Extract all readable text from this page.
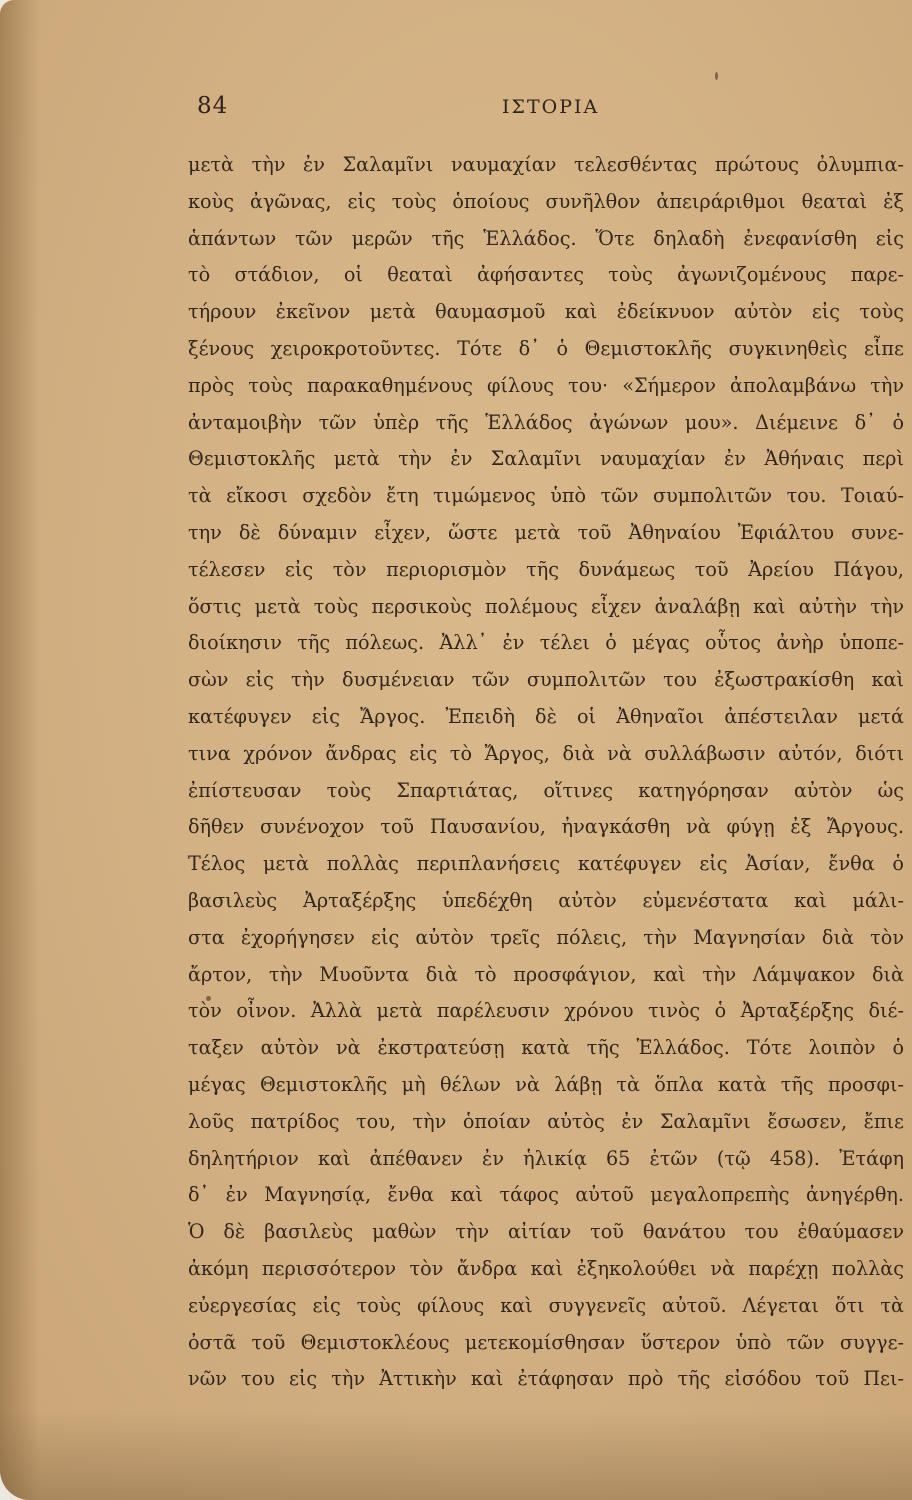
84	ΙΣΤΟΡΙΑ
μετὰ τὴν ἐν Σαλαμῖνι ναυμαχίαν τελεσθέντας πρώτους ὀλυμπια-
κοὺς ἀγῶνας, εἰς τοὺς ὁποίους συνῆλθον ἀπειράριθμοι θεαταὶ ἐξ
ἁπάντων τῶν μερῶν τῆς Ἑλλάδος. Ὅτε δηλαδὴ ἐνεφανίσθη εἰς
τὸ στάδιον, οἱ θεαταὶ ἀφήσαντες τοὺς ἀγωνιζομένους παρε-
τήρουν ἐκεῖνον μετὰ θαυμασμοῦ καὶ ἐδείκνυον αὐτὸν εἰς τοὺς
ξένους χειροκροτοῦντες. Τότε δ᾽ ὁ Θεμιστοκλῆς συγκινηθεὶς εἶπε
πρὸς τοὺς παρακαθημένους φίλους του· «Σήμερον ἀπολαμβάνω τὴν
ἀνταμοιβὴν τῶν ὑπὲρ τῆς Ἑλλάδος ἀγώνων μου». Διέμεινε δ᾽ ὁ
Θεμιστοκλῆς μετὰ τὴν ἐν Σαλαμῖνι ναυμαχίαν ἐν Ἀθήναις περὶ
τὰ εἴκοσι σχεδὸν ἔτη τιμώμενος ὑπὸ τῶν συμπολιτῶν του. Τοιαύ-
την δὲ δύναμιν εἶχεν, ὥστε μετὰ τοῦ Ἀθηναίου Ἐφιάλτου συνε-
τέλεσεν εἰς τὸν περιορισμὸν τῆς δυνάμεως τοῦ Ἀρείου Πάγου,
ὅστις μετὰ τοὺς περσικοὺς πολέμους εἶχεν ἀναλάβῃ καὶ αὐτὴν τὴν
διοίκησιν τῆς πόλεως. Ἀλλ᾽ ἐν τέλει ὁ μέγας οὗτος ἀνὴρ ὑποπε-
σὼν εἰς τὴν δυσμένειαν τῶν συμπολιτῶν του ἐξωστρακίσθη καὶ
κατέφυγεν εἰς Ἄργος. Ἐπειδὴ δὲ οἱ Ἀθηναῖοι ἀπέστειλαν μετά
τινα χρόνον ἄνδρας εἰς τὸ Ἄργος, διὰ νὰ συλλάβωσιν αὐτόν, διότι
ἐπίστευσαν τοὺς Σπαρτιάτας, οἵτινες κατηγόρησαν αὐτὸν ὡς
δῆθεν συνένοχον τοῦ Παυσανίου, ἠναγκάσθη νὰ φύγῃ ἐξ Ἄργους.
Τέλος μετὰ πολλὰς περιπλανήσεις κατέφυγεν εἰς Ἀσίαν, ἔνθα ὁ
βασιλεὺς Ἀρταξέρξης ὑπεδέχθη αὐτὸν εὐμενέστατα καὶ μάλι-
στα ἐχορήγησεν εἰς αὐτὸν τρεῖς πόλεις, τὴν Μαγνησίαν διὰ τὸν
ἄρτον, τὴν Μυοῦντα διὰ τὸ προσφάγιον, καὶ τὴν Λάμψακον διὰ
τὸν οἶνον. Ἀλλὰ μετὰ παρέλευσιν χρόνου τινὸς ὁ Ἀρταξέρξης διέ-
ταξεν αὐτὸν νὰ ἐκστρατεύσῃ κατὰ τῆς Ἑλλάδος. Τότε λοιπὸν ὁ
μέγας Θεμιστοκλῆς μὴ θέλων νὰ λάβῃ τὰ ὅπλα κατὰ τῆς προσφι-
λοῦς πατρίδος του, τὴν ὁποίαν αὐτὸς ἐν Σαλαμῖνι ἔσωσεν, ἔπιε
δηλητήριον καὶ ἀπέθανεν ἐν ἡλικίᾳ 65 ἐτῶν (τῷ 458). Ἐτάφη
δ᾽ ἐν Μαγνησίᾳ, ἔνθα καὶ τάφος αὐτοῦ μεγαλοπρεπὴς ἀνηγέρθη.
Ὁ δὲ βασιλεὺς μαθὼν τὴν αἰτίαν τοῦ θανάτου του ἐθαύμασεν
ἀκόμη περισσότερον τὸν ἄνδρα καὶ ἐξηκολούθει νὰ παρέχῃ πολλὰς
εὐεργεσίας εἰς τοὺς φίλους καὶ συγγενεῖς αὐτοῦ. Λέγεται ὅτι τὰ
ὀστᾶ τοῦ Θεμιστοκλέους μετεκομίσθησαν ὕστερον ὑπὸ τῶν συγγε-
νῶν του εἰς τὴν Ἀττικὴν καὶ ἐτάφησαν πρὸ τῆς εἰσόδου τοῦ Πει-
